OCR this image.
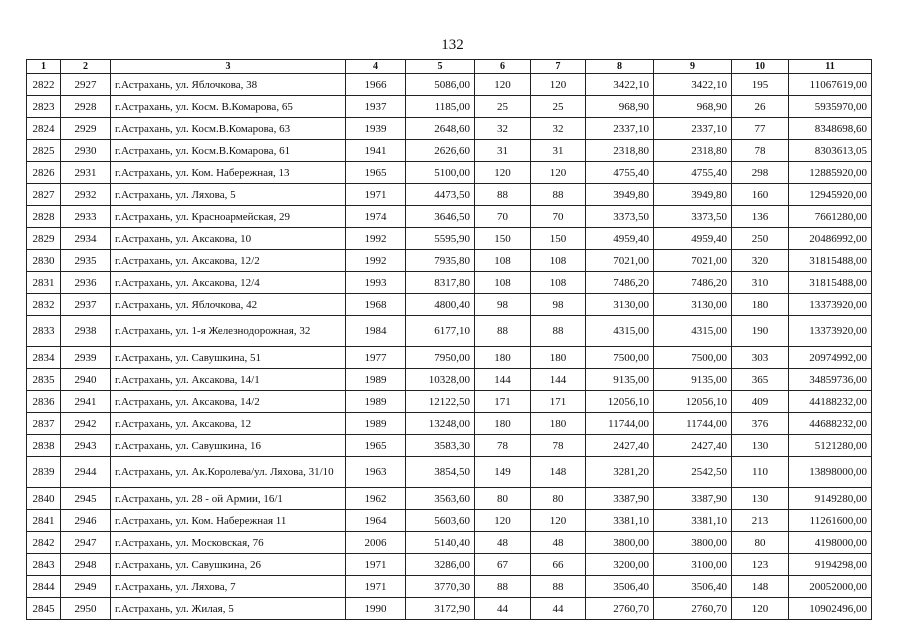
132
1	2	3	4	5	6	7	8	9	10	11
2822	2927	г.Астрахань, ул. Яблочкова, 38	1966	5086,00	120	120	3422,10	3422,10	195	11067619,00
2823	2928	г.Астрахань, ул. Косм. В.Комарова, 65	1937	1185,00	25	25	968,90	968,90	26	5935970,00
2824	2929	г.Астрахань, ул. Косм.В.Комарова, 63	1939	2648,60	32	32	2337,10	2337,10	77	8348698,60
2825	2930	г.Астрахань, ул. Косм.В.Комарова, 61	1941	2626,60	31	31	2318,80	2318,80	78	8303613,05
2826	2931	г.Астрахань, ул. Ком. Набережная, 13	1965	5100,00	120	120	4755,40	4755,40	298	12885920,00
2827	2932	г.Астрахань, ул. Ляхова, 5	1971	4473,50	88	88	3949,80	3949,80	160	12945920,00
2828	2933	г.Астрахань, ул. Красноармейская, 29	1974	3646,50	70	70	3373,50	3373,50	136	7661280,00
2829	2934	г.Астрахань, ул. Аксакова, 10	1992	5595,90	150	150	4959,40	4959,40	250	20486992,00
2830	2935	г.Астрахань, ул. Аксакова, 12/2	1992	7935,80	108	108	7021,00	7021,00	320	31815488,00
2831	2936	г.Астрахань, ул. Аксакова, 12/4	1993	8317,80	108	108	7486,20	7486,20	310	31815488,00
2832	2937	г.Астрахань, ул. Яблочкова, 42	1968	4800,40	98	98	3130,00	3130,00	180	13373920,00
2833	2938	г.Астрахань, ул. 1-я Железнодорожная, 32	1984	6177,10	88	88	4315,00	4315,00	190	13373920,00
2834	2939	г.Астрахань, ул. Савушкина, 51	1977	7950,00	180	180	7500,00	7500,00	303	20974992,00
2835	2940	г.Астрахань, ул. Аксакова, 14/1	1989	10328,00	144	144	9135,00	9135,00	365	34859736,00
2836	2941	г.Астрахань, ул. Аксакова, 14/2	1989	12122,50	171	171	12056,10	12056,10	409	44188232,00
2837	2942	г.Астрахань, ул. Аксакова, 12	1989	13248,00	180	180	11744,00	11744,00	376	44688232,00
2838	2943	г.Астрахань, ул. Савушкина, 16	1965	3583,30	78	78	2427,40	2427,40	130	5121280,00
2839	2944	г.Астрахань, ул. Ак.Королева/ул. Ляхова, 31/10	1963	3854,50	149	148	3281,20	2542,50	110	13898000,00
2840	2945	г.Астрахань, ул. 28 - ой Армии, 16/1	1962	3563,60	80	80	3387,90	3387,90	130	9149280,00
2841	2946	г.Астрахань, ул. Ком. Набережная 11	1964	5603,60	120	120	3381,10	3381,10	213	11261600,00
2842	2947	г.Астрахань, ул. Московская, 76	2006	5140,40	48	48	3800,00	3800,00	80	4198000,00
2843	2948	г.Астрахань, ул. Савушкина, 26	1971	3286,00	67	66	3200,00	3100,00	123	9194298,00
2844	2949	г.Астрахань, ул. Ляхова, 7	1971	3770,30	88	88	3506,40	3506,40	148	20052000,00
2845	2950	г.Астрахань, ул. Жилая, 5	1990	3172,90	44	44	2760,70	2760,70	120	10902496,00
